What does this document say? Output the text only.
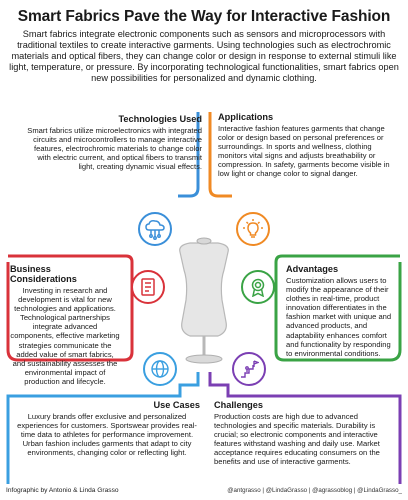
Smart Fabrics Pave the Way for Interactive Fashion
Smart fabrics integrate electronic components such as sensors and microprocessors with traditional textiles to create interactive garments. Using technologies such as electrochromic materials and optical fibers, they can change color or design in response to external stimuli like light, temperature, or pressure. By incorporating technological functionalities, smart fabrics open new possibilities for personalized and dynamic clothing.
Technologies Used
Smart fabrics utilize microelectronics with integrated circuits and microcontrollers to manage interactive features, electrochromic materials to change color with electric current, and optical fibers to transmit light, creating dynamic visual effects.
Applications
Interactive fashion features garments that change color or design based on personal preferences or surroundings. In sports and wellness, clothing monitors vital signs and adjusts breathability or compression. In safety, garments become visible in low light or change color to signal danger.
Business Considerations
Investing in research and development is vital for new technologies and applications. Technological partnerships integrate advanced components, effective marketing strategies communicate the added value of smart fabrics, and sustainability assesses the environmental impact of production and lifecycle.
Advantages
Customization allows users to modify the appearance of their clothes in real-time, product innovation differentiates in the fashion market with unique and advanced products, and adaptability enhances comfort and functionality by responding to environmental conditions.
Use Cases
Luxury brands offer exclusive and personalized experiences for customers. Sportswear provides real-time data to athletes for performance improvement. Urban fashion includes garments that adapt to city environments, changing color or reflecting light.
Challenges
Production costs are high due to advanced technologies and specific materials. Durability is crucial; so electronic components and interactive features withstand washing and daily use. Market acceptance requires educating consumers on the benefits and use of interactive garments.
Infographic by Antonio & Linda Grasso	@antgrasso | @LindaGrasso | @agrassoblog | @LindaGrasso_
